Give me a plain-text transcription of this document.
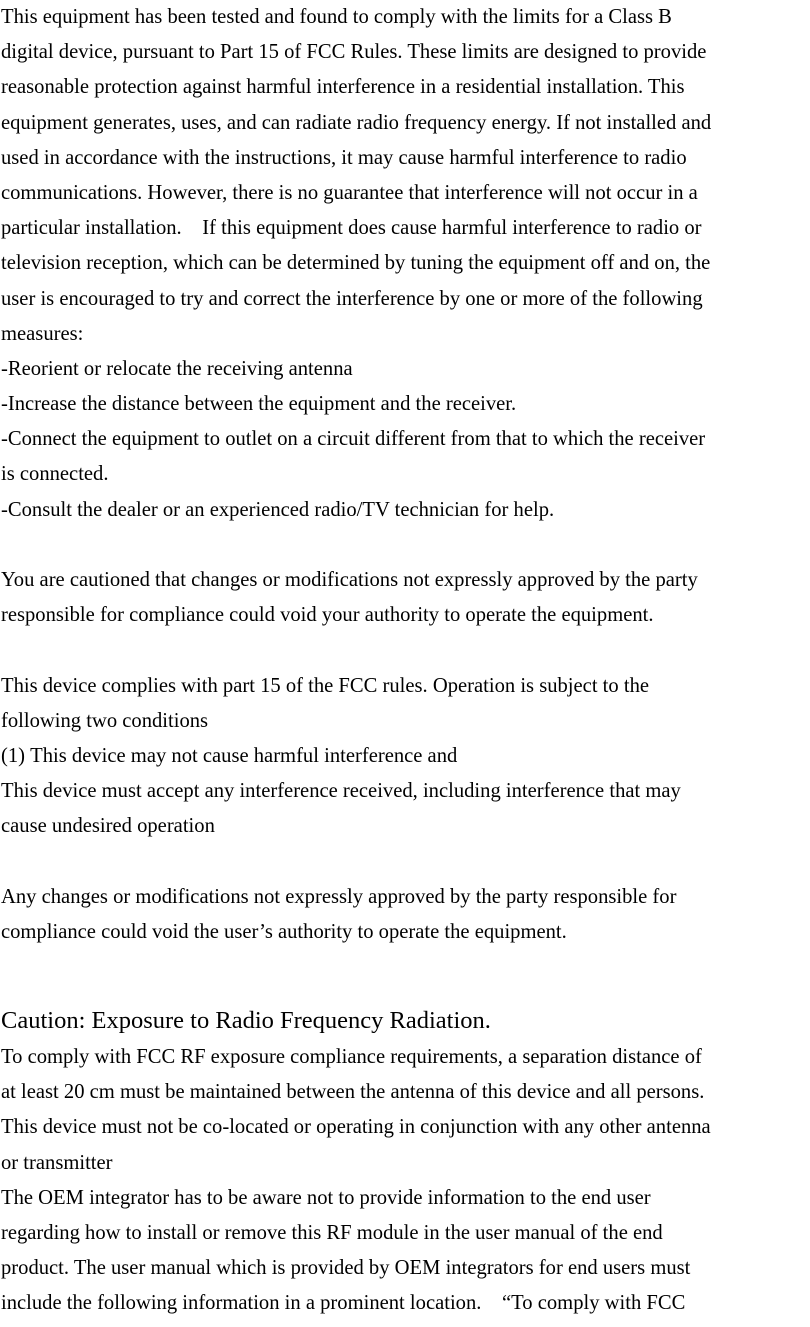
This equipment has been tested and found to comply with the limits for a Class B
digital device, pursuant to Part 15 of FCC Rules. These limits are designed to provide
reasonable protection against harmful interference in a residential installation. This
equipment generates, uses, and can radiate radio frequency energy. If not installed and
used in accordance with the instructions, it may cause harmful interference to radio
communications. However, there is no guarantee that interference will not occur in a
particular installation.    If this equipment does cause harmful interference to radio or
television reception, which can be determined by tuning the equipment off and on, the
user is encouraged to try and correct the interference by one or more of the following
measures:
-Reorient or relocate the receiving antenna
-Increase the distance between the equipment and the receiver.
-Connect the equipment to outlet on a circuit different from that to which the receiver
is connected.
-Consult the dealer or an experienced radio/TV technician for help.
You are cautioned that changes or modifications not expressly approved by the party
responsible for compliance could void your authority to operate the equipment.
This device complies with part 15 of the FCC rules. Operation is subject to the
following two conditions
(1) This device may not cause harmful interference and
This device must accept any interference received, including interference that may
cause undesired operation
Any changes or modifications not expressly approved by the party responsible for
compliance could void the user’s authority to operate the equipment.
Caution: Exposure to Radio Frequency Radiation.
To comply with FCC RF exposure compliance requirements, a separation distance of
at least 20 cm must be maintained between the antenna of this device and all persons.
This device must not be co-located or operating in conjunction with any other antenna
or transmitter
The OEM integrator has to be aware not to provide information to the end user
regarding how to install or remove this RF module in the user manual of the end
product. The user manual which is provided by OEM integrators for end users must
include the following information in a prominent location.    “To comply with FCC
